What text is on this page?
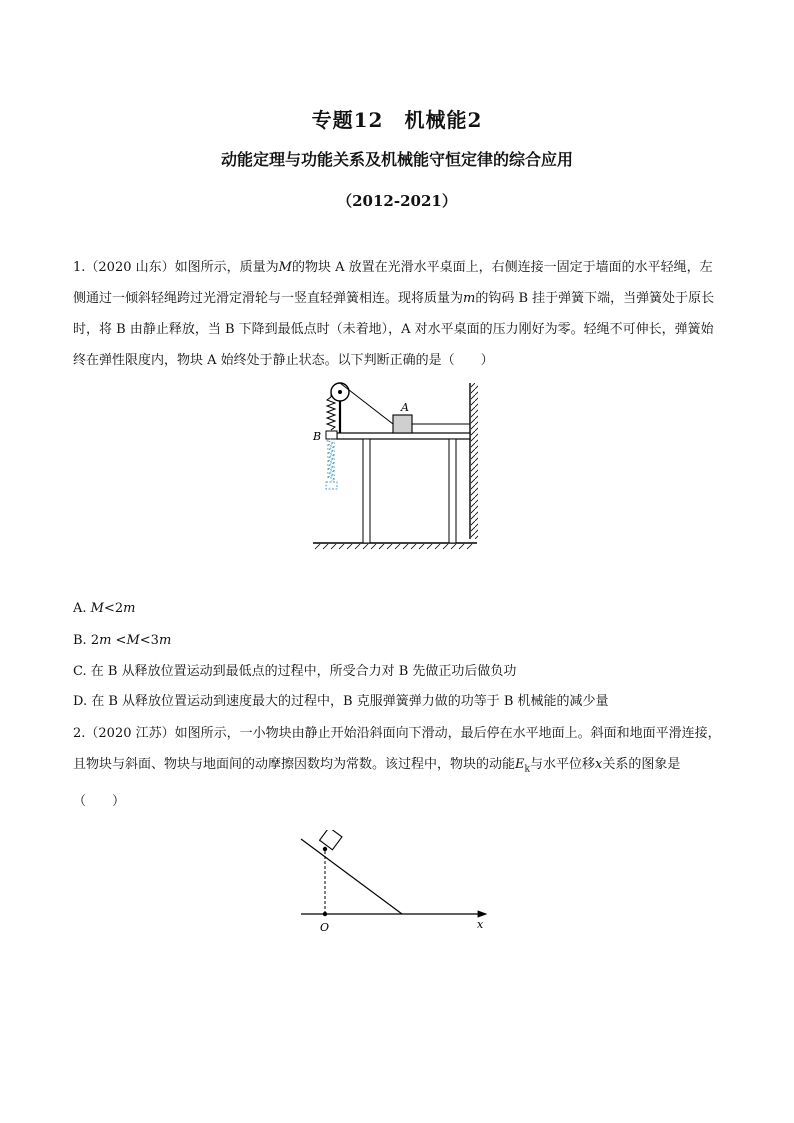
专题12　机械能2
动能定理与功能关系及机械能守恒定律的综合应用
（2012-2021）

1.（2020 山东）如图所示，质量为M的物块 A 放置在光滑水平桌面上，右侧连接一固定于墙面的水平轻绳，左侧通过一倾斜轻绳跨过光滑定滑轮与一竖直轻弹簧相连。现将质量为m的钩码 B 挂于弹簧下端，当弹簧处于原长时，将 B 由静止释放，当 B 下降到最低点时（未着地），A 对水平桌面的压力刚好为零。轻绳不可伸长，弹簧始终在弹性限度内，物块 A 始终处于静止状态。以下判断正确的是（　　）

A
B

A. M<2m

B. 2m <M<3m

C. 在 B 从释放位置运动到最低点的过程中，所受合力对 B 先做正功后做负功

D. 在 B 从释放位置运动到速度最大的过程中，B 克服弹簧弹力做的功等于 B 机械能的减少量

2.（2020 江苏）如图所示，一小物块由静止开始沿斜面向下滑动，最后停在水平地面上。斜面和地面平滑连接，且物块与斜面、物块与地面间的动摩擦因数均为常数。该过程中，物块的动能$E_k$与水平位移x关系的图象是（　　）

O	x
